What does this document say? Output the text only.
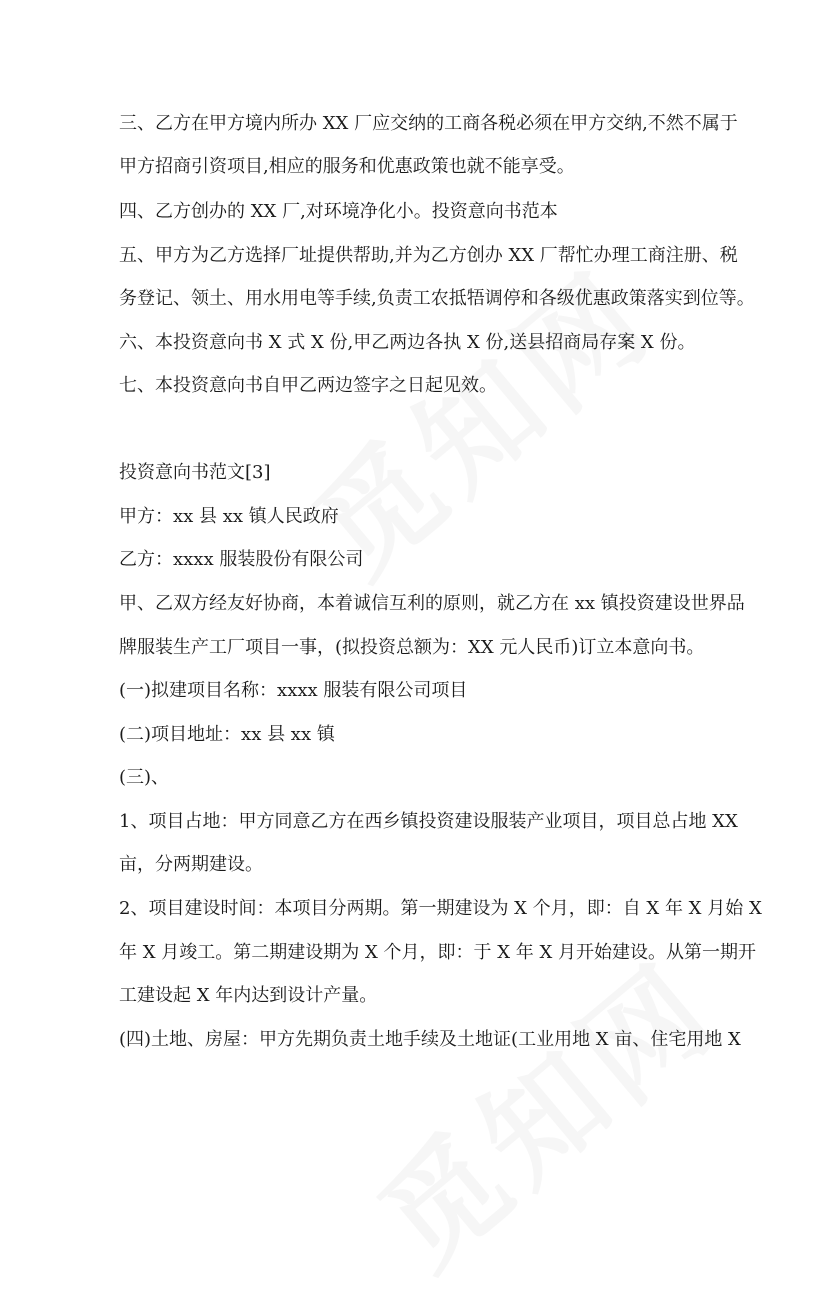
三、乙方在甲方境内所办 XX 厂应交纳的工商各税必须在甲方交纳,不然不属于
甲方招商引资项目,相应的服务和优惠政策也就不能享受。
四、乙方创办的 XX 厂,对环境净化小。投资意向书范本
五、甲方为乙方选择厂址提供帮助,并为乙方创办 XX 厂帮忙办理工商注册、税
务登记、领土、用水用电等手续,负责工农抵牾调停和各级优惠政策落实到位等。
六、本投资意向书 X 式 X 份,甲乙两边各执 X 份,送县招商局存案 X 份。
七、本投资意向书自甲乙两边签字之日起见效。
投资意向书范文[3]
甲方：xx 县 xx 镇人民政府
乙方：xxxx 服装股份有限公司
甲、乙双方经友好协商，本着诚信互利的原则，就乙方在 xx 镇投资建设世界品
牌服装生产工厂项目一事，(拟投资总额为：XX 元人民币)订立本意向书。
(一)拟建项目名称：xxxx 服装有限公司项目
(二)项目地址：xx 县 xx 镇
(三)、
1、项目占地：甲方同意乙方在西乡镇投资建设服装产业项目，项目总占地 XX
亩，分两期建设。
2、项目建设时间：本项目分两期。第一期建设为 X 个月，即：自 X 年 X 月始 X
年 X 月竣工。第二期建设期为 X 个月，即：于 X 年 X 月开始建设。从第一期开
工建设起 X 年内达到设计产量。
(四)土地、房屋：甲方先期负责土地手续及土地证(工业用地 X 亩、住宅用地 X
